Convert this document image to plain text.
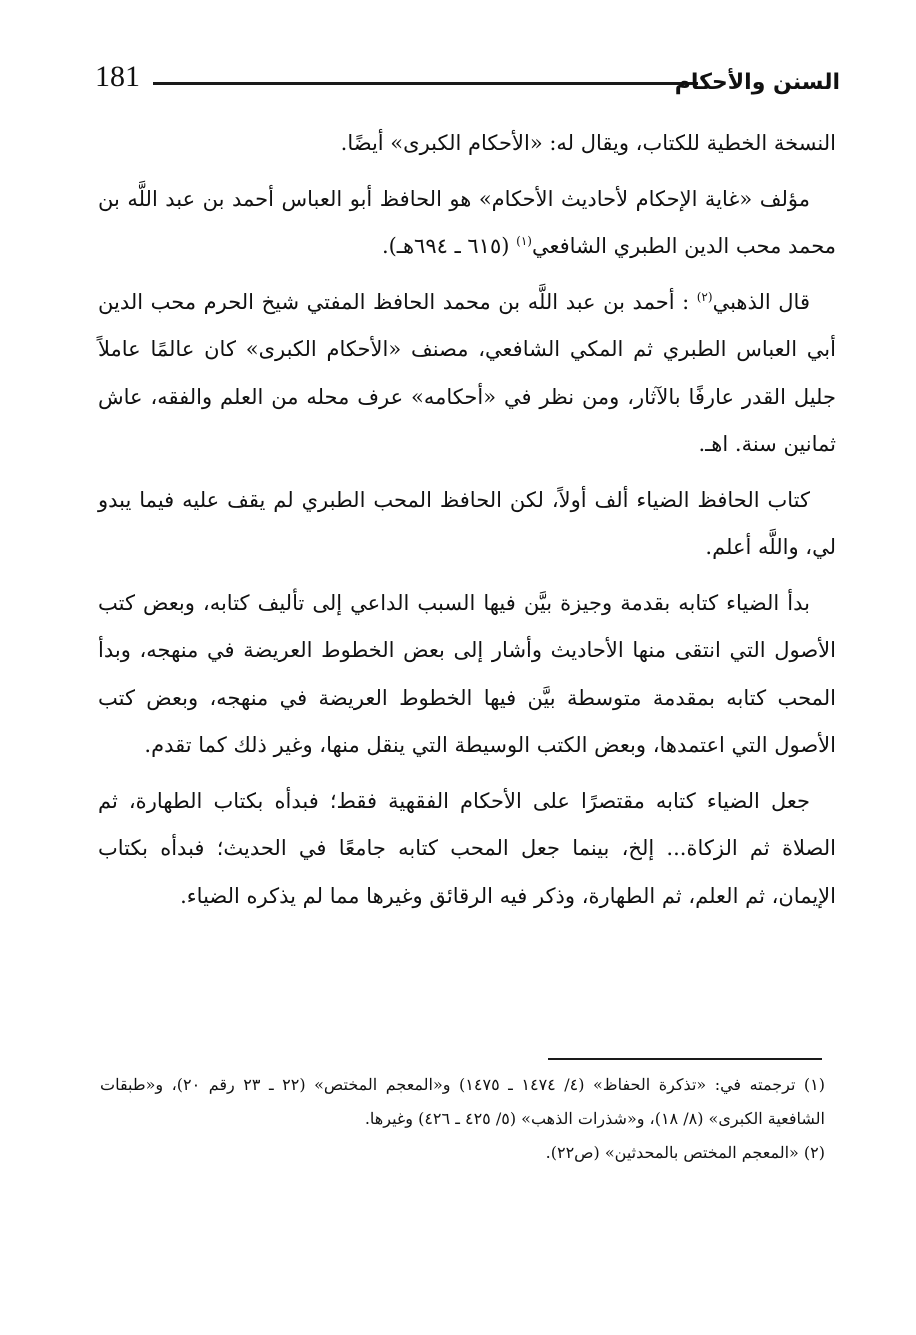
181	السنن والأحكام

النسخة الخطية للكتاب، ويقال له: «الأحكام الكبرى» أيضًا.

مؤلف «غاية الإحكام لأحاديث الأحكام» هو الحافظ أبو العباس أحمد بن عبد اللَّه بن محمد محب الدين الطبري الشافعي$^{(١)}$ (٦١٥ ـ ٦٩٤هـ).

قال الذهبي$^{(٢)}$ : أحمد بن عبد اللَّه بن محمد الحافظ المفتي شيخ الحرم محب الدين أبي العباس الطبري ثم المكي الشافعي، مصنف «الأحكام الكبرى» كان عالمًا عاملاً جليل القدر عارفًا بالآثار، ومن نظر في «أحكامه» عرف محله من العلم والفقه، عاش ثمانين سنة. اهـ.

كتاب الحافظ الضياء ألف أولاً، لكن الحافظ المحب الطبري لم يقف عليه فيما يبدو لي، واللَّه أعلم.

بدأ الضياء كتابه بقدمة وجيزة بيَّن فيها السبب الداعي إلى تأليف كتابه، وبعض كتب الأصول التي انتقى منها الأحاديث وأشار إلى بعض الخطوط العريضة في منهجه، وبدأ المحب كتابه بمقدمة متوسطة بيَّن فيها الخطوط العريضة في منهجه، وبعض كتب الأصول التي اعتمدها، وبعض الكتب الوسيطة التي ينقل منها، وغير ذلك كما تقدم.

جعل الضياء كتابه مقتصرًا على الأحكام الفقهية فقط؛ فبدأه بكتاب الطهارة، ثم الصلاة ثم الزكاة... إلخ، بينما جعل المحب كتابه جامعًا في الحديث؛ فبدأه بكتاب الإيمان، ثم العلم، ثم الطهارة، وذكر فيه الرقائق وغيرها مما لم يذكره الضياء.

(١) ترجمته في: «تذكرة الحفاظ» (٤/ ١٤٧٤ ـ ١٤٧٥) و«المعجم المختص» (٢٢ ـ ٢٣ رقم ٢٠)، و«طبقات الشافعية الكبرى» (٨/ ١٨)، و«شذرات الذهب» (٥/ ٤٢٥ ـ ٤٢٦) وغيرها.

(٢) «المعجم المختص بالمحدثين» (ص٢٢).
